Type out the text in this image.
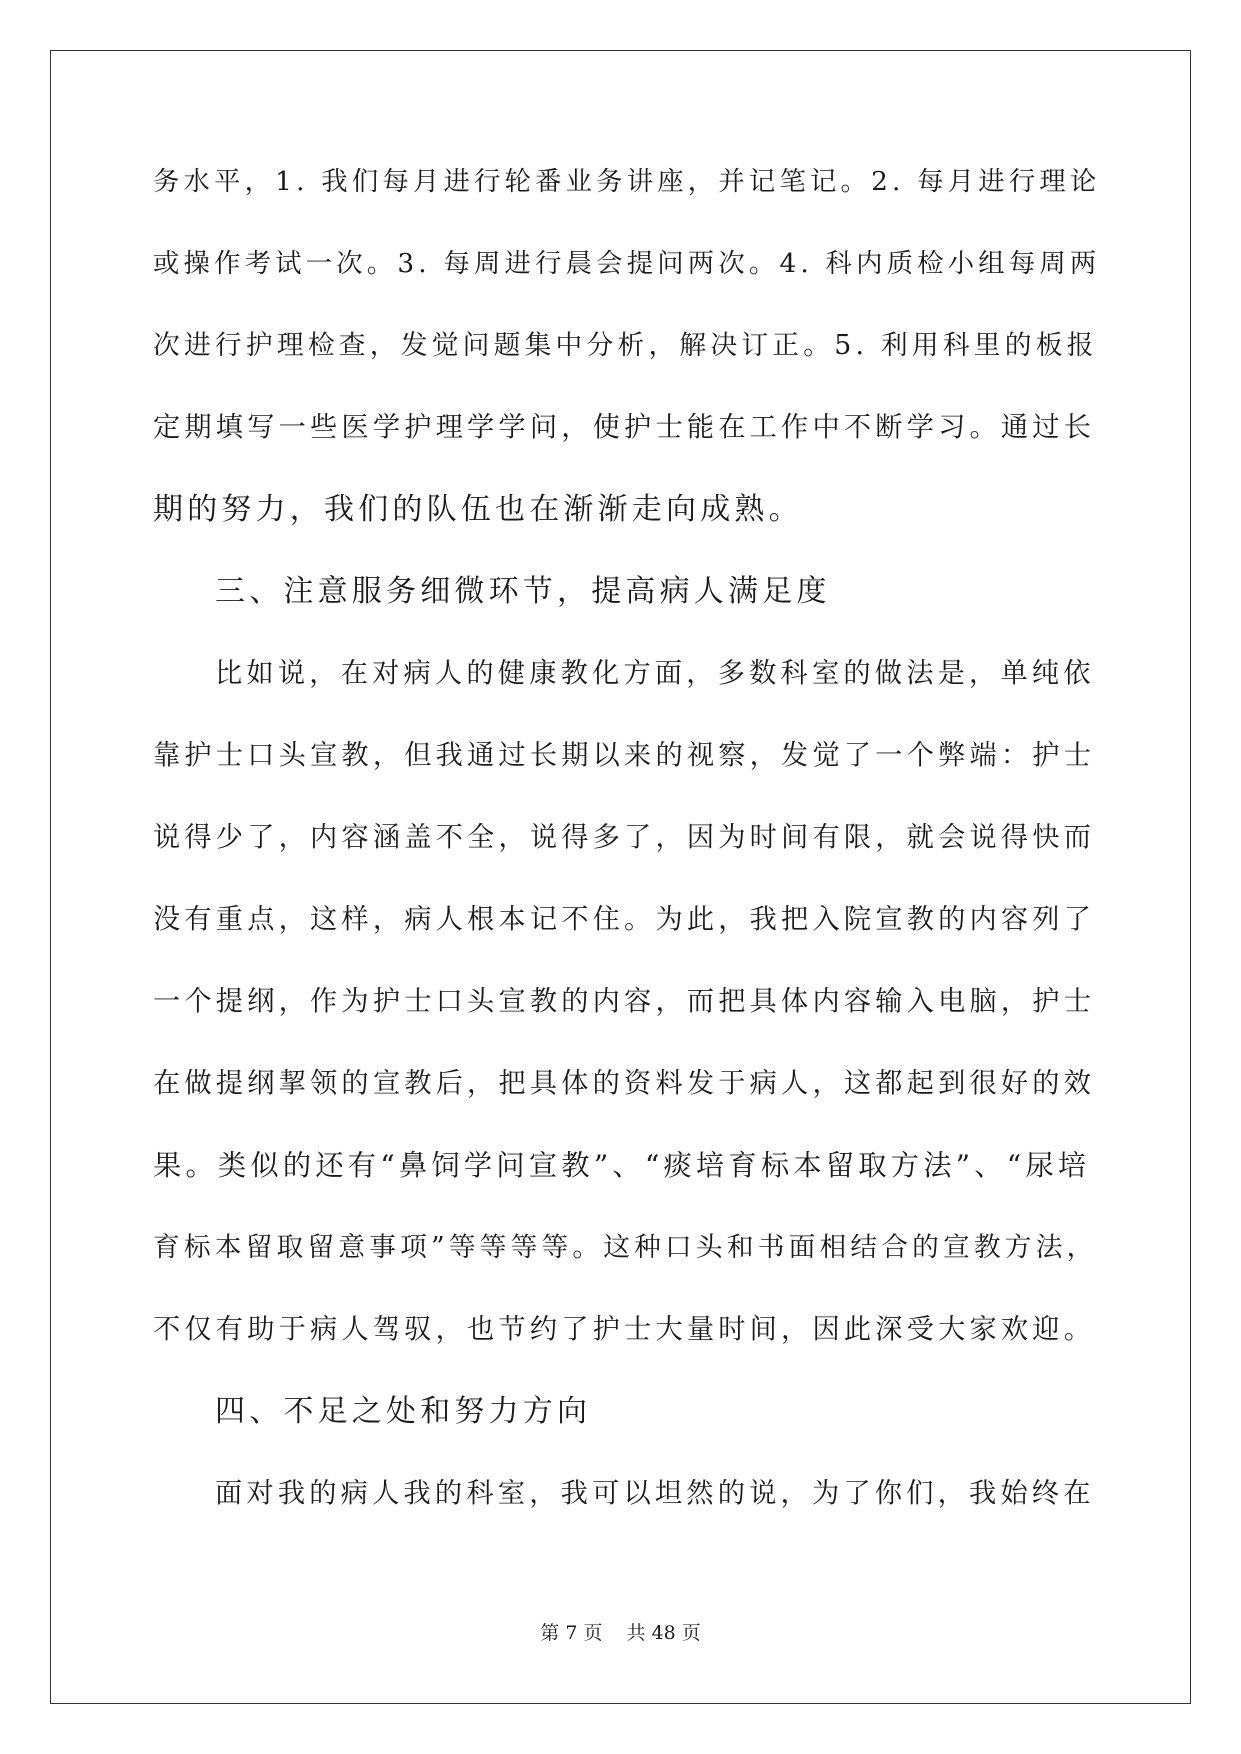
务水平，1. 我们每月进行轮番业务讲座，并记笔记。2. 每月进行理论
或操作考试一次。3. 每周进行晨会提问两次。4. 科内质检小组每周两
次进行护理检查，发觉问题集中分析，解决订正。5. 利用科里的板报
定期填写一些医学护理学学问，使护士能在工作中不断学习。通过长
期的努力，我们的队伍也在渐渐走向成熟。
三、注意服务细微环节，提高病人满足度
比如说，在对病人的健康教化方面，多数科室的做法是，单纯依
靠护士口头宣教，但我通过长期以来的视察，发觉了一个弊端：护士
说得少了，内容涵盖不全，说得多了，因为时间有限，就会说得快而
没有重点，这样，病人根本记不住。为此，我把入院宣教的内容列了
一个提纲，作为护士口头宣教的内容，而把具体内容输入电脑，护士
在做提纲挈领的宣教后，把具体的资料发于病人，这都起到很好的效
果。类似的还有“鼻饲学问宣教”、“痰培育标本留取方法”、“尿培
育标本留取留意事项”等等等等。这种口头和书面相结合的宣教方法，
不仅有助于病人驾驭，也节约了护士大量时间，因此深受大家欢迎。
四、不足之处和努力方向
面对我的病人我的科室，我可以坦然的说，为了你们，我始终在
第 7 页 共 48 页
